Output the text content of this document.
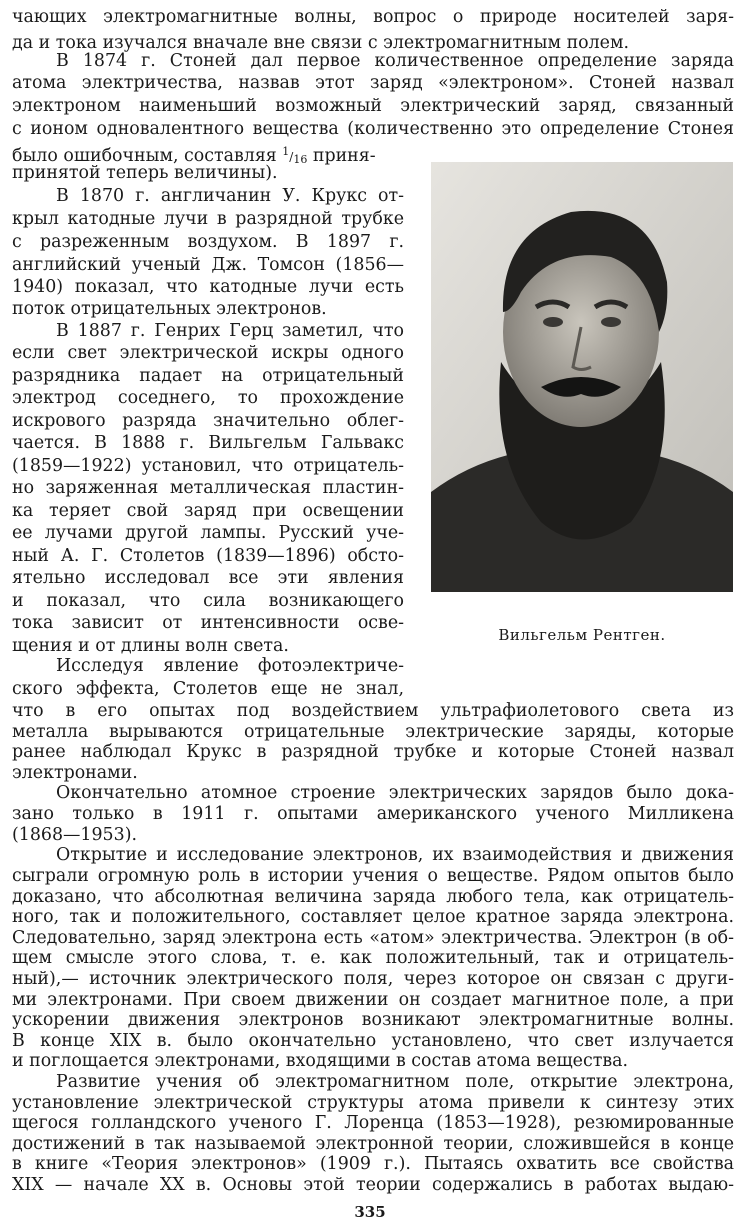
чающих электромагнитные волны, вопрос о природе носителей заря-
да и тока изучался вначале вне связи с электромагнитным полем.
В 1874 г. Стоней дал первое количественное определение заряда
атома электричества, назвав этот заряд «электроном». Стоней назвал
электроном наименьший возможный электрический заряд, связанный
с ионом одновалентного вещества (количественно это определение Стонея
было ошибочным, составляя $^1/_{16}$ приня-
принятой теперь величины).
В 1870 г. англичанин У. Крукс от-
крыл катодные лучи в разрядной трубке
с разреженным воздухом. В 1897 г.
английский ученый Дж. Томсон (1856—
1940) показал, что катодные лучи есть
поток отрицательных электронов.
В 1887 г. Генрих Герц заметил, что
если свет электрической искры одного
разрядника падает на отрицательный
электрод соседнего, то прохождение
искрового разряда значительно облег-
чается. В 1888 г. Вильгельм Гальвакс
(1859—1922) установил, что отрицатель-
но заряженная металлическая пластин-
ка теряет свой заряд при освещении
ее лучами другой лампы. Русский уче-
ный А. Г. Столетов (1839—1896) обсто-
ятельно исследовал все эти явления
и показал, что сила возникающего
тока зависит от интенсивности осве-
щения и от длины волн света.
Исследуя явление фотоэлектриче-
ского эффекта, Столетов еще не знал,
Вильгельм Рентген.
что в его опытах под воздействием ультрафиолетового света из
металла вырываются отрицательные электрические заряды, которые
ранее наблюдал Крукс в разрядной трубке и которые Стоней назвал
электронами.
Окончательно атомное строение электрических зарядов было дока-
зано только в 1911 г. опытами американского ученого Милликена
(1868—1953).
Открытие и исследование электронов, их взаимодействия и движения
сыграли огромную роль в истории учения о веществе. Рядом опытов было
доказано, что абсолютная величина заряда любого тела, как отрицатель-
ного, так и положительного, составляет целое кратное заряда электрона.
Следовательно, заряд электрона есть «атом» электричества. Электрон (в об-
щем смысле этого слова, т. е. как положительный, так и отрицатель-
ный),— источник электрического поля, через которое он связан с други-
ми электронами. При своем движении он создает магнитное поле, а при
ускорении движения электронов возникают электромагнитные волны.
В конце XIX в. было окончательно установлено, что свет излучается
и поглощается электронами, входящими в состав атома вещества.
Развитие учения об электромагнитном поле, открытие электрона,
установление электрической структуры атома привели к синтезу этих
достижений в так называемой электронной теории, сложившейся в конце
XIX — начале XX в. Основы этой теории содержались в работах выдаю-
335
щегося голландского ученого Г. Лоренца (1853—1928), резюмированные
в книге «Теория электронов» (1909 г.). Пытаясь охватить все свойства
